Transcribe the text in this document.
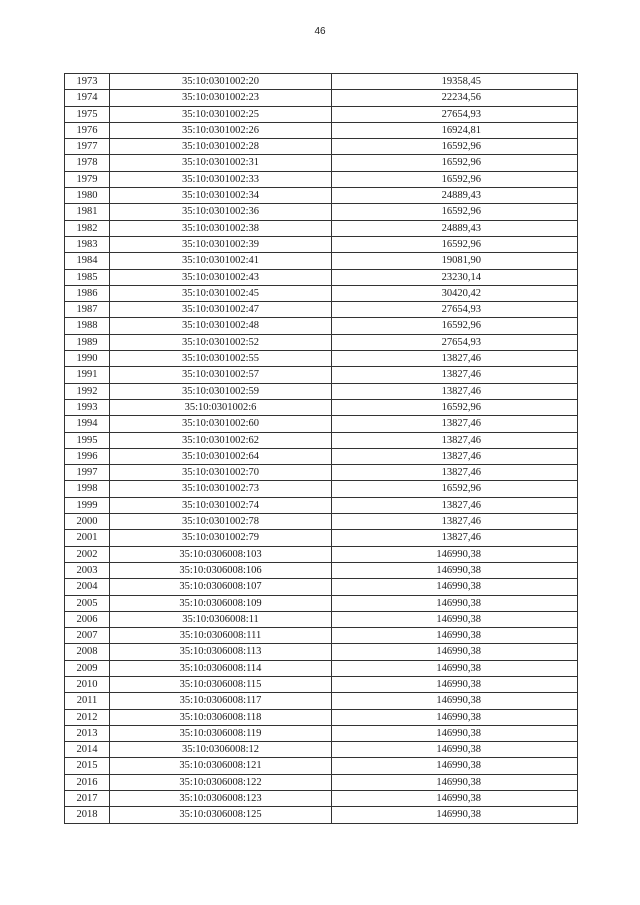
46
1973	35:10:0301002:20	19358,45
1974	35:10:0301002:23	22234,56
1975	35:10:0301002:25	27654,93
1976	35:10:0301002:26	16924,81
1977	35:10:0301002:28	16592,96
1978	35:10:0301002:31	16592,96
1979	35:10:0301002:33	16592,96
1980	35:10:0301002:34	24889,43
1981	35:10:0301002:36	16592,96
1982	35:10:0301002:38	24889,43
1983	35:10:0301002:39	16592,96
1984	35:10:0301002:41	19081,90
1985	35:10:0301002:43	23230,14
1986	35:10:0301002:45	30420,42
1987	35:10:0301002:47	27654,93
1988	35:10:0301002:48	16592,96
1989	35:10:0301002:52	27654,93
1990	35:10:0301002:55	13827,46
1991	35:10:0301002:57	13827,46
1992	35:10:0301002:59	13827,46
1993	35:10:0301002:6	16592,96
1994	35:10:0301002:60	13827,46
1995	35:10:0301002:62	13827,46
1996	35:10:0301002:64	13827,46
1997	35:10:0301002:70	13827,46
1998	35:10:0301002:73	16592,96
1999	35:10:0301002:74	13827,46
2000	35:10:0301002:78	13827,46
2001	35:10:0301002:79	13827,46
2002	35:10:0306008:103	146990,38
2003	35:10:0306008:106	146990,38
2004	35:10:0306008:107	146990,38
2005	35:10:0306008:109	146990,38
2006	35:10:0306008:11	146990,38
2007	35:10:0306008:111	146990,38
2008	35:10:0306008:113	146990,38
2009	35:10:0306008:114	146990,38
2010	35:10:0306008:115	146990,38
2011	35:10:0306008:117	146990,38
2012	35:10:0306008:118	146990,38
2013	35:10:0306008:119	146990,38
2014	35:10:0306008:12	146990,38
2015	35:10:0306008:121	146990,38
2016	35:10:0306008:122	146990,38
2017	35:10:0306008:123	146990,38
2018	35:10:0306008:125	146990,38
